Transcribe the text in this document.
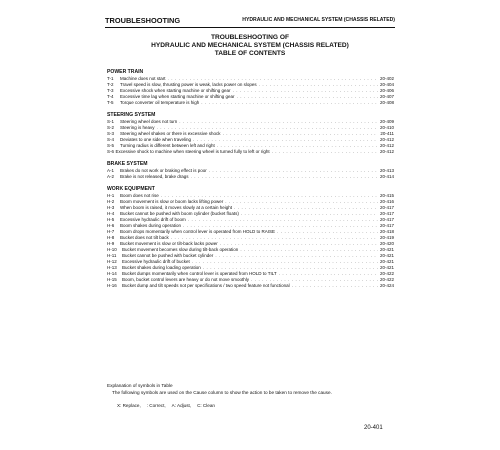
TROUBLESHOOTING	HYDRAULIC AND MECHANICAL SYSTEM (CHASSIS RELATED)
TROUBLESHOOTING OF
HYDRAULIC AND MECHANICAL SYSTEM (CHASSIS RELATED)
TABLE OF CONTENTS
POWER TRAIN
T-1	Machine does not start . . .	20-402
T-2	Travel speed is slow, thrusting power is weak, lacks power on slopes . . .	20-404
T-3	Excessive shock when starting machine or shifting gear . . .	20-406
T-4	Excessive time lag when starting machine or shifting gear . . .	20-407
T-5	Torque converter oil temperature is high . . .	20-408
STEERING SYSTEM
S-1	Steering wheel does not turn . . .	20-409
S-2	Steering is heavy . . .	20-410
S-3	Steering wheel shakes or there is excessive shock . . .	20-411
S-4	Deviates to one side when traveling . . .	20-412
S-5	Turning radius is different between left and right . . .	20-412
S-6 Excessive shock to machine when steering wheel is turned fully to left or right . . .	20-412
BRAKE SYSTEM
A-1	Brakes do not work or braking effect is poor . . .	20-413
A-2	Brake is not released, brake drags . . .	20-414
WORK EQUIPMENT
H-1	Boom does not rise . . .	20-415
H-2	Boom movement is slow or boom lacks lifting power . . .	20-416
H-3	When boom is raised, it moves slowly at a certain height . . .	20-417
H-4	Bucket cannot be pushed with boom cylinder (bucket floats) . . .	20-417
H-5	Excessive hydraulic drift of boom . . .	20-417
H-6	Boom shakes during operation . . .	20-417
H-7	Boom drops momentarily when control lever is operated from HOLD to RAISE . . .	20-418
H-8	Bucket does not tilt back . . .	20-419
H-9	Bucket movement is slow or tilt-back lacks power . . .	20-420
H-10	Bucket movement becomes slow during tilt-back operation . . .	20-421
H-11	Bucket cannot be pushed with bucket cylinder . . .	20-421
H-12	Excessive hydraulic drift of bucket . . .	20-421
H-13	Bucket shakes during loading operation . . .	20-421
H-14	Bucket dumps momentarily when control lever is operated from HOLD to TILT . . .	20-422
H-15	Boom, bucket control levers are heavy or do not move smoothly . . .	20-422
H-16	Bucket dump and tilt speeds not per specifications / two speed feature not functional . . .	20-424
Explanation of symbols in Table
The following symbols are used on the Cause column to show the action to be taken to remove the cause.
X: Replace, : Correct, A: Adjust, C: Clean
20-401
